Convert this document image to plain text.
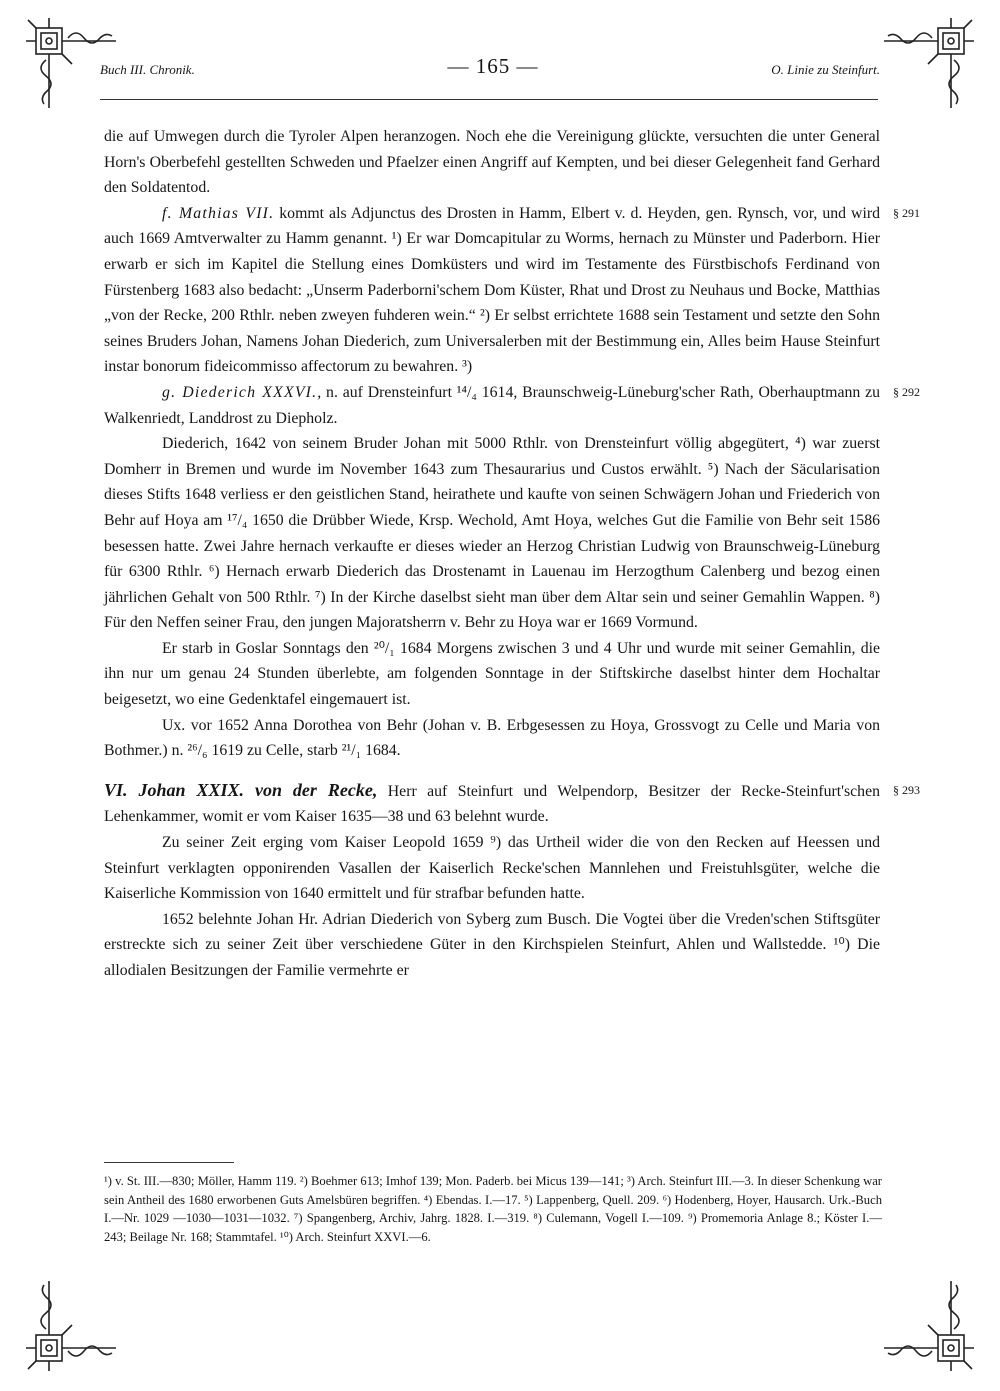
Buch III. Chronik.	— 165 —	O. Linie zu Steinfurt.

die auf Umwegen durch die Tyroler Alpen heranzogen. Noch ehe die Vereinigung glückte, versuchten die unter General Horn's Oberbefehl gestellten Schweden und Pfaelzer einen Angriff auf Kempten, und bei dieser Gelegenheit fand Gerhard den Soldatentod.

§ 291
f. Mathias VII. kommt als Adjunctus des Drosten in Hamm, Elbert v. d. Heyden, gen. Rynsch, vor, und wird auch 1669 Amtverwalter zu Hamm genannt. ¹) Er war Domcapitular zu Worms, hernach zu Münster und Paderborn. Hier erwarb er sich im Kapitel die Stellung eines Domküsters und wird im Testamente des Fürstbischofs Ferdinand von Fürstenberg 1683 also bedacht: „Unserm Paderborni'schem Dom Küster, Rhat und Drost zu Neuhaus und Bocke, Matthias „von der Recke, 200 Rthlr. neben zweyen fuhderen wein.“ ²) Er selbst errichtete 1688 sein Testament und setzte den Sohn seines Bruders Johan, Namens Johan Diederich, zum Universalerben mit der Bestimmung ein, Alles beim Hause Steinfurt instar bonorum fideicommisso affectorum zu bewahren. ³)

§ 292
g. Diederich XXXVI., n. auf Drensteinfurt ¹⁴/₄ 1614, Braunschweig-Lüneburg'scher Rath, Oberhauptmann zu Walkenriedt, Landdrost zu Diepholz.

Diederich, 1642 von seinem Bruder Johan mit 5000 Rthlr. von Drensteinfurt völlig abgegütert, ⁴) war zuerst Domherr in Bremen und wurde im November 1643 zum Thesaurarius und Custos erwählt. ⁵) Nach der Säcularisation dieses Stifts 1648 verliess er den geistlichen Stand, heirathete und kaufte von seinen Schwägern Johan und Friederich von Behr auf Hoya am ¹⁷/₄ 1650 die Drübber Wiede, Krsp. Wechold, Amt Hoya, welches Gut die Familie von Behr seit 1586 besessen hatte. Zwei Jahre hernach verkaufte er dieses wieder an Herzog Christian Ludwig von Braunschweig-Lüneburg für 6300 Rthlr. ⁶) Hernach erwarb Diederich das Drostenamt in Lauenau im Herzogthum Calenberg und bezog einen jährlichen Gehalt von 500 Rthlr. ⁷) In der Kirche daselbst sieht man über dem Altar sein und seiner Gemahlin Wappen. ⁸) Für den Neffen seiner Frau, den jungen Majoratsherrn v. Behr zu Hoya war er 1669 Vormund.

Er starb in Goslar Sonntags den ²⁰/₁ 1684 Morgens zwischen 3 und 4 Uhr und wurde mit seiner Gemahlin, die ihn nur um genau 24 Stunden überlebte, am folgenden Sonntage in der Stiftskirche daselbst hinter dem Hochaltar beigesetzt, wo eine Gedenktafel eingemauert ist.

Ux. vor 1652 Anna Dorothea von Behr (Johan v. B. Erbgesessen zu Hoya, Grossvogt zu Celle und Maria von Bothmer.) n. ²⁶/₆ 1619 zu Celle, starb ²¹/₁ 1684.

§ 293
VI. Johan XXIX. von der Recke, Herr auf Steinfurt und Welpendorp, Besitzer der Recke-Steinfurt'schen Lehenkammer, womit er vom Kaiser 1635—38 und 63 belehnt wurde.

Zu seiner Zeit erging vom Kaiser Leopold 1659 ⁹) das Urtheil wider die von den Recken auf Heessen und Steinfurt verklagten opponirenden Vasallen der Kaiserlich Recke'schen Mannlehen und Freistuhlsgüter, welche die Kaiserliche Kommission von 1640 ermittelt und für strafbar befunden hatte.

1652 belehnte Johan Hr. Adrian Diederich von Syberg zum Busch. Die Vogtei über die Vreden'schen Stiftsgüter erstreckte sich zu seiner Zeit über verschiedene Güter in den Kirchspielen Steinfurt, Ahlen und Wallstedde. ¹⁰) Die allodialen Besitzungen der Familie vermehrte er

¹) v. St. III.—830; Möller, Hamm 119. ²) Boehmer 613; Imhof 139; Mon. Paderb. bei Micus 139—141; ³) Arch. Steinfurt III.—3. In dieser Schenkung war sein Antheil des 1680 erworbenen Guts Amelsbüren begriffen. ⁴) Ebendas. I.—17. ⁵) Lappenberg, Quell. 209. ⁶) Hodenberg, Hoyer, Hausarch. Urk.-Buch I.—Nr. 1029 —1030—1031—1032. ⁷) Spangenberg, Archiv, Jahrg. 1828. I.—319. ⁸) Culemann, Vogell I.—109. ⁹) Promemoria Anlage 8.; Köster I.—243; Beilage Nr. 168; Stammtafel. ¹⁰) Arch. Steinfurt XXVI.—6.
